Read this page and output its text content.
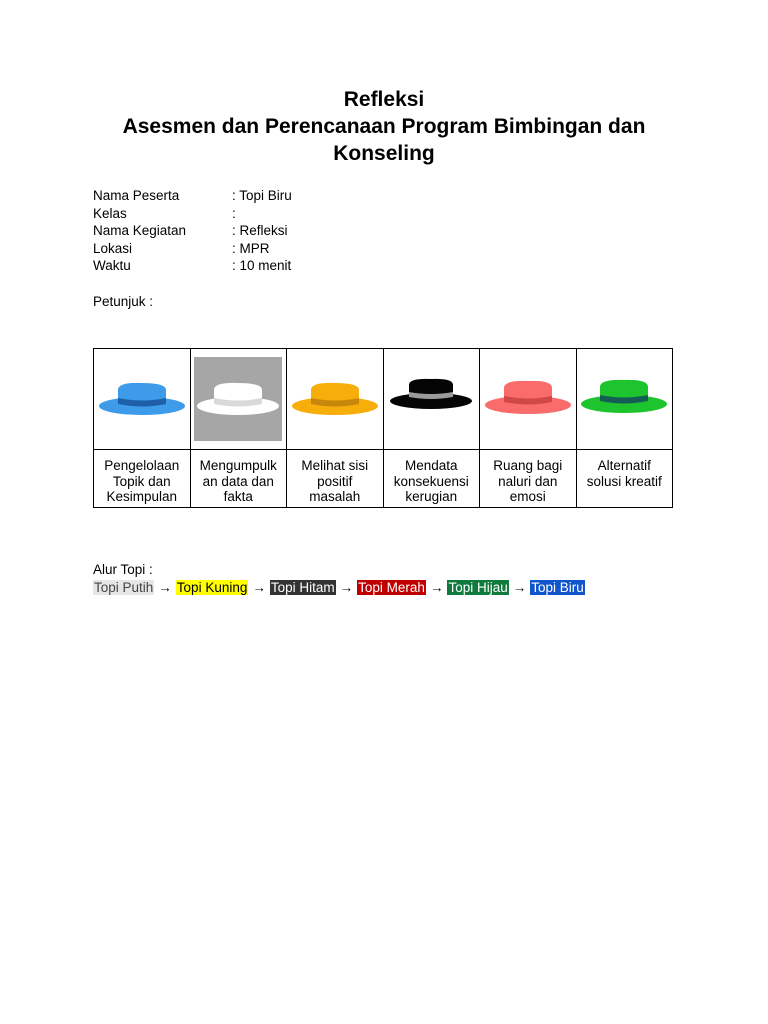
Refleksi
Asesmen dan Perencanaan Program Bimbingan dan
Konseling
Nama Peserta	: Topi Biru
Kelas	:
Nama Kegiatan	: Refleksi
Lokasi	: MPR
Waktu	: 10 menit
Petunjuk :

Pengelolaan Topik dan Kesimpulan	Mengumpulk an data dan fakta	Melihat sisi positif masalah	Mendata konsekuensi kerugian	Ruang bagi naluri dan emosi	Alternatif solusi kreatif
Alur Topi :
Topi Putih → Topi Kuning → Topi Hitam → Topi Merah → Topi Hijau → Topi Biru
